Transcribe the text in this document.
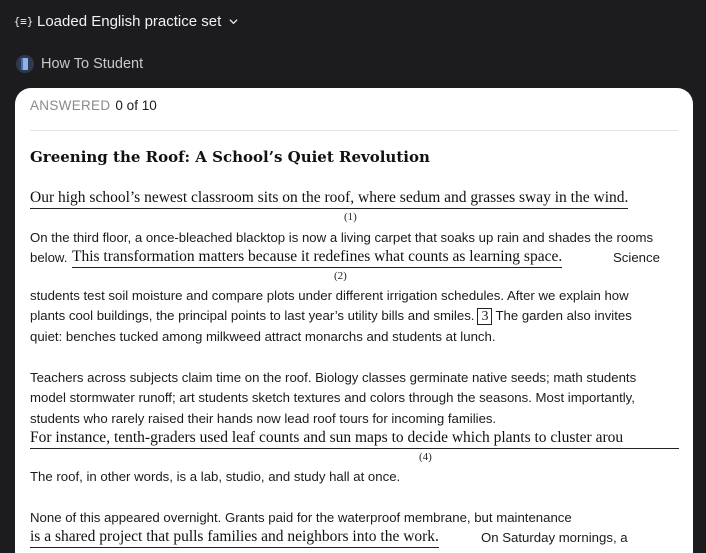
{≡} Loaded English practice set
How To Student
ANSWERED 0 of 10
Greening the Roof: A School’s Quiet Revolution
Our high school’s newest classroom sits on the roof, where sedum and grasses sway in the wind.
(1)
On the third floor, a once-bleached blacktop is now a living carpet that soaks up rain and shades the rooms
below. This transformation matters because it redefines what counts as learning space.	Science
(2)
students test soil moisture and compare plots under different irrigation schedules. After we explain how
plants cool buildings, the principal points to last year’s utility bills and smiles. 3 The garden also invites
quiet: benches tucked among milkweed attract monarchs and students at lunch.
Teachers across subjects claim time on the roof. Biology classes germinate native seeds; math students
model stormwater runoff; art students sketch textures and colors through the seasons. Most importantly,
students who rarely raised their hands now lead roof tours for incoming families.
For instance, tenth-graders used leaf counts and sun maps to decide which plants to cluster arou
(4)
The roof, in other words, is a lab, studio, and study hall at once.
None of this appeared overnight. Grants paid for the waterproof membrane, but maintenance
is a shared project that pulls families and neighbors into the work.	On Saturday mornings, a
